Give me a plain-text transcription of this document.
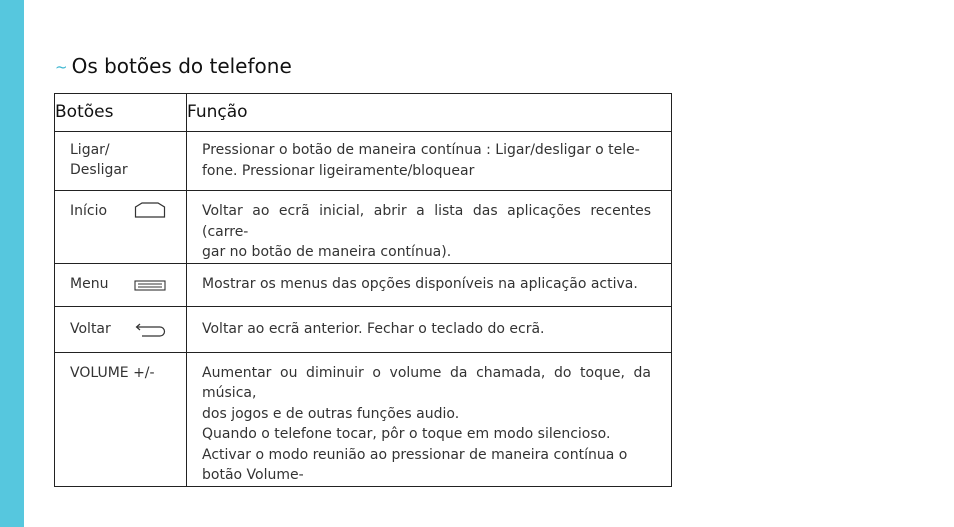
~ Os botões do telefone
Botões	Função

Ligar/
Desligar	Pressionar o botão de maneira contínua : Ligar/desligar o tele-
fone. Pressionar ligeiramente/bloquear

Início	Voltar ao ecrã inicial, abrir a lista das aplicações recentes (carre-
gar no botão de maneira contínua).

Menu	Mostrar os menus das opções disponíveis na aplicação activa.

Voltar	Voltar ao ecrã anterior. Fechar o teclado do ecrã.

VOLUME +/-	Aumentar ou diminuir o volume da chamada, do toque, da música,
dos jogos e de outras funções audio.
Quando o telefone tocar, pôr o toque em modo silencioso.
Activar o modo reunião ao pressionar de maneira contínua o
botão Volume-
